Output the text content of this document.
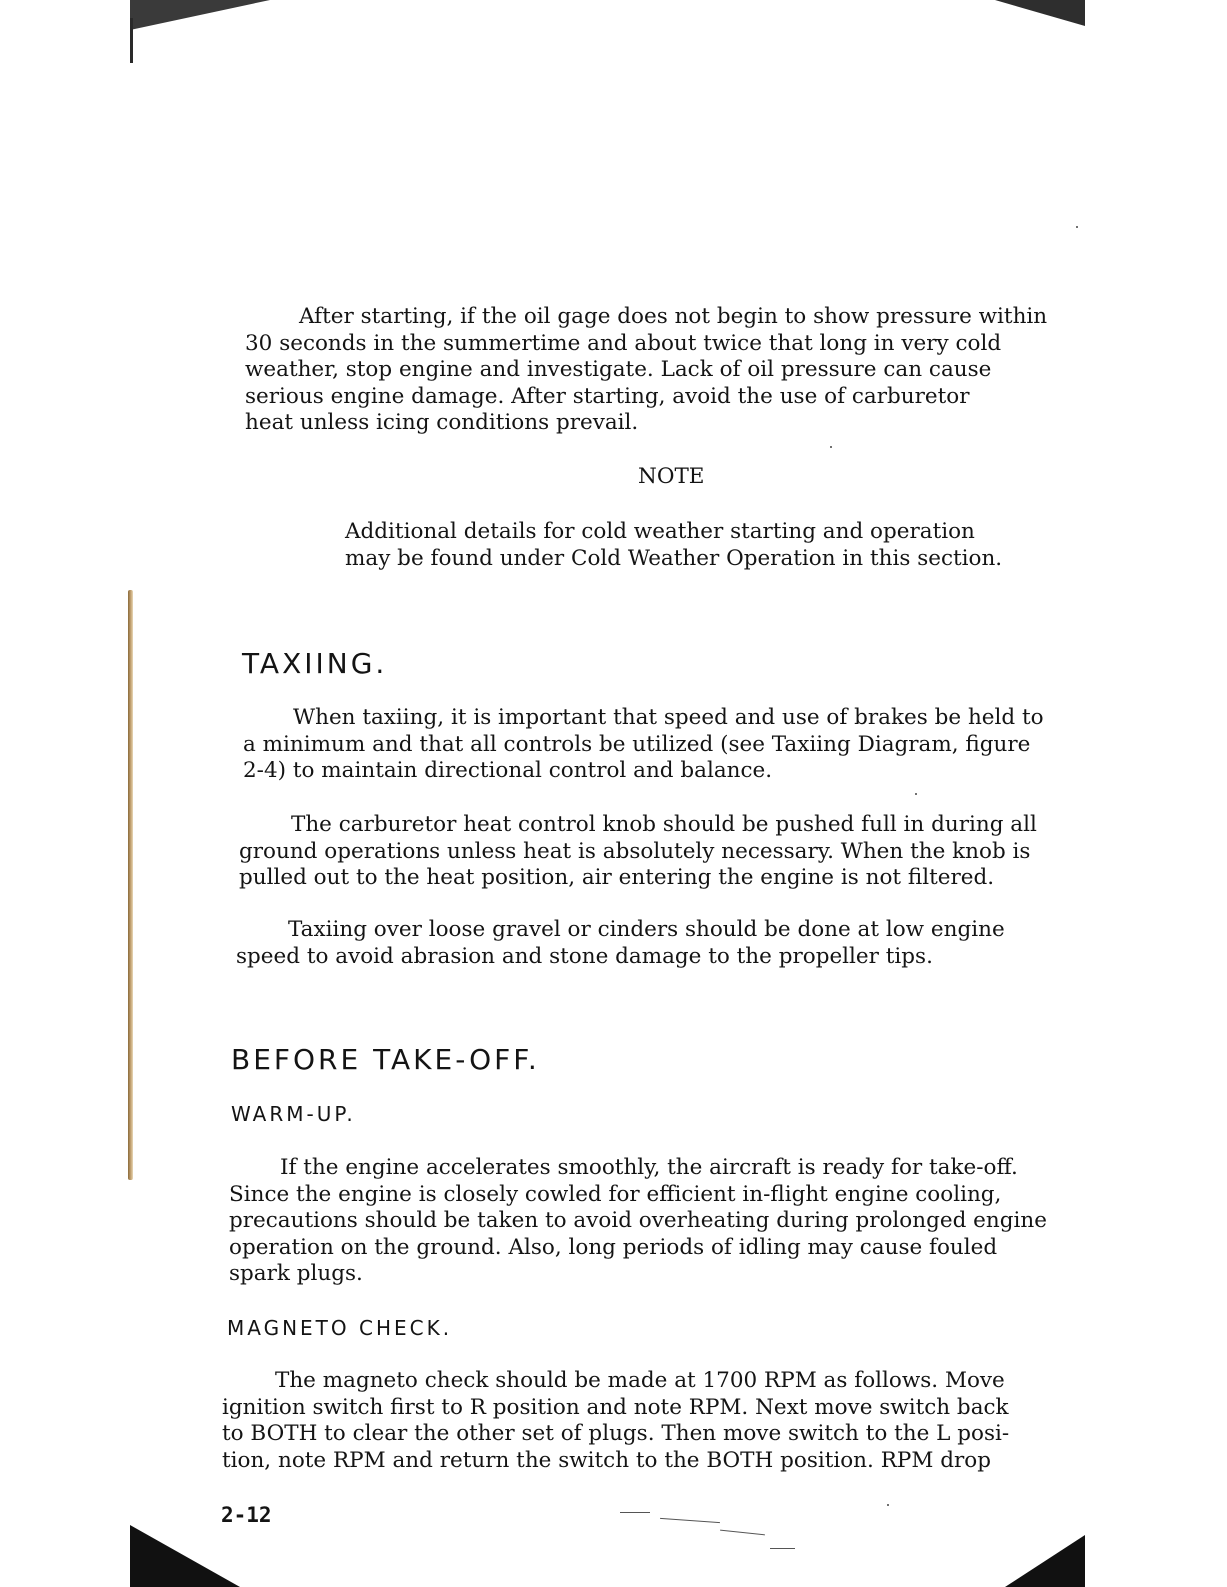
After starting, if the oil gage does not begin to show pressure within
30 seconds in the summertime and about twice that long in very cold
weather, stop engine and investigate. Lack of oil pressure can cause
serious engine damage. After starting, avoid the use of carburetor
heat unless icing conditions prevail.
NOTE
Additional details for cold weather starting and operation
may be found under Cold Weather Operation in this section.
TAXIING.
When taxiing, it is important that speed and use of brakes be held to
a minimum and that all controls be utilized (see Taxiing Diagram, figure
2-4) to maintain directional control and balance.
The carburetor heat control knob should be pushed full in during all
ground operations unless heat is absolutely necessary. When the knob is
pulled out to the heat position, air entering the engine is not filtered.
Taxiing over loose gravel or cinders should be done at low engine
speed to avoid abrasion and stone damage to the propeller tips.
BEFORE TAKE-OFF.
WARM-UP.
If the engine accelerates smoothly, the aircraft is ready for take-off.
Since the engine is closely cowled for efficient in-flight engine cooling,
precautions should be taken to avoid overheating during prolonged engine
operation on the ground. Also, long periods of idling may cause fouled
spark plugs.
MAGNETO CHECK.
The magneto check should be made at 1700 RPM as follows. Move
ignition switch first to R position and note RPM. Next move switch back
to BOTH to clear the other set of plugs. Then move switch to the L posi-
tion, note RPM and return the switch to the BOTH position. RPM drop
2-12
